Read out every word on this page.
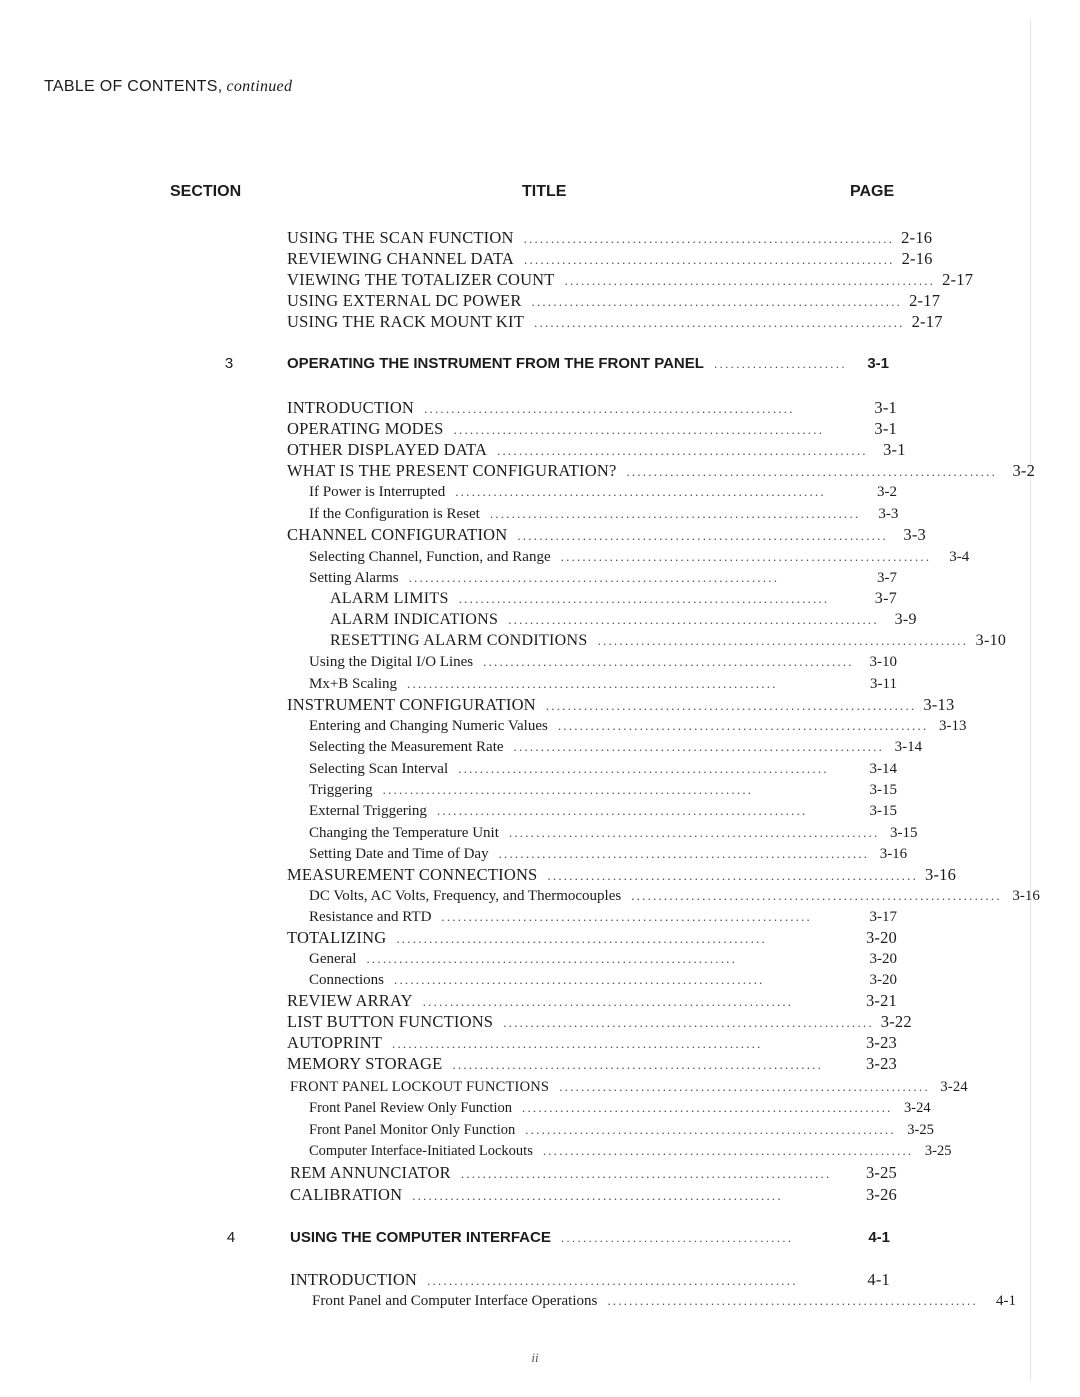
TABLE OF CONTENTS, continued
SECTION	TITLE	PAGE
USING THE SCAN FUNCTION .................................................................... 2-16
REVIEWING CHANNEL DATA .................................................................... 2-16
VIEWING THE TOTALIZER COUNT .................................................................... 2-17
USING EXTERNAL DC POWER .................................................................... 2-17
USING THE RACK MOUNT KIT .................................................................... 2-17
3	OPERATING THE INSTRUMENT FROM THE FRONT PANEL ........................	3-1
INTRODUCTION ....................................................................	3-1
OPERATING MODES ....................................................................	3-1
OTHER DISPLAYED DATA .................................................................... 3-1
WHAT IS THE PRESENT CONFIGURATION? .................................................................... 3-2
If Power is Interrupted ....................................................................	3-2
If the Configuration is Reset ....................................................................	3-3
CHANNEL CONFIGURATION .................................................................... 3-3
Selecting Channel, Function, and Range ....................................................................	3-4
Setting Alarms ....................................................................	3-7
ALARM LIMITS ....................................................................	3-7
ALARM INDICATIONS .................................................................... 3-9
RESETTING ALARM CONDITIONS .................................................................... 3-10
Using the Digital I/O Lines ....................................................................	3-10
Mx+B Scaling ....................................................................	3-11
INSTRUMENT CONFIGURATION .................................................................... 3-13
Entering and Changing Numeric Values .................................................................... 3-13
Selecting the Measurement Rate .................................................................... 3-14
Selecting Scan Interval ....................................................................	3-14
Triggering ....................................................................	3-15
External Triggering ....................................................................	3-15
Changing the Temperature Unit .................................................................... 3-15
Setting Date and Time of Day .................................................................... 3-16
MEASUREMENT CONNECTIONS .................................................................... 3-16
DC Volts, AC Volts, Frequency, and Thermocouples .................................................................... 3-16
Resistance and RTD ....................................................................	3-17
TOTALIZING ....................................................................	3-20
General ....................................................................	3-20
Connections ....................................................................	3-20
REVIEW ARRAY ....................................................................	3-21
LIST BUTTON FUNCTIONS .................................................................... 3-22
AUTOPRINT ....................................................................	3-23
MEMORY STORAGE ....................................................................	3-23
FRONT PANEL LOCKOUT FUNCTIONS .................................................................... 3-24
Front Panel Review Only Function .................................................................... 3-24
Front Panel Monitor Only Function .................................................................... 3-25
Computer Interface-Initiated Lockouts .................................................................... 3-25
REM ANNUNCIATOR ....................................................................	3-25
CALIBRATION ....................................................................	3-26
4	USING THE COMPUTER INTERFACE ..........................................	4-1
INTRODUCTION ....................................................................	4-1
Front Panel and Computer Interface Operations ....................................................................	4-1
ii
